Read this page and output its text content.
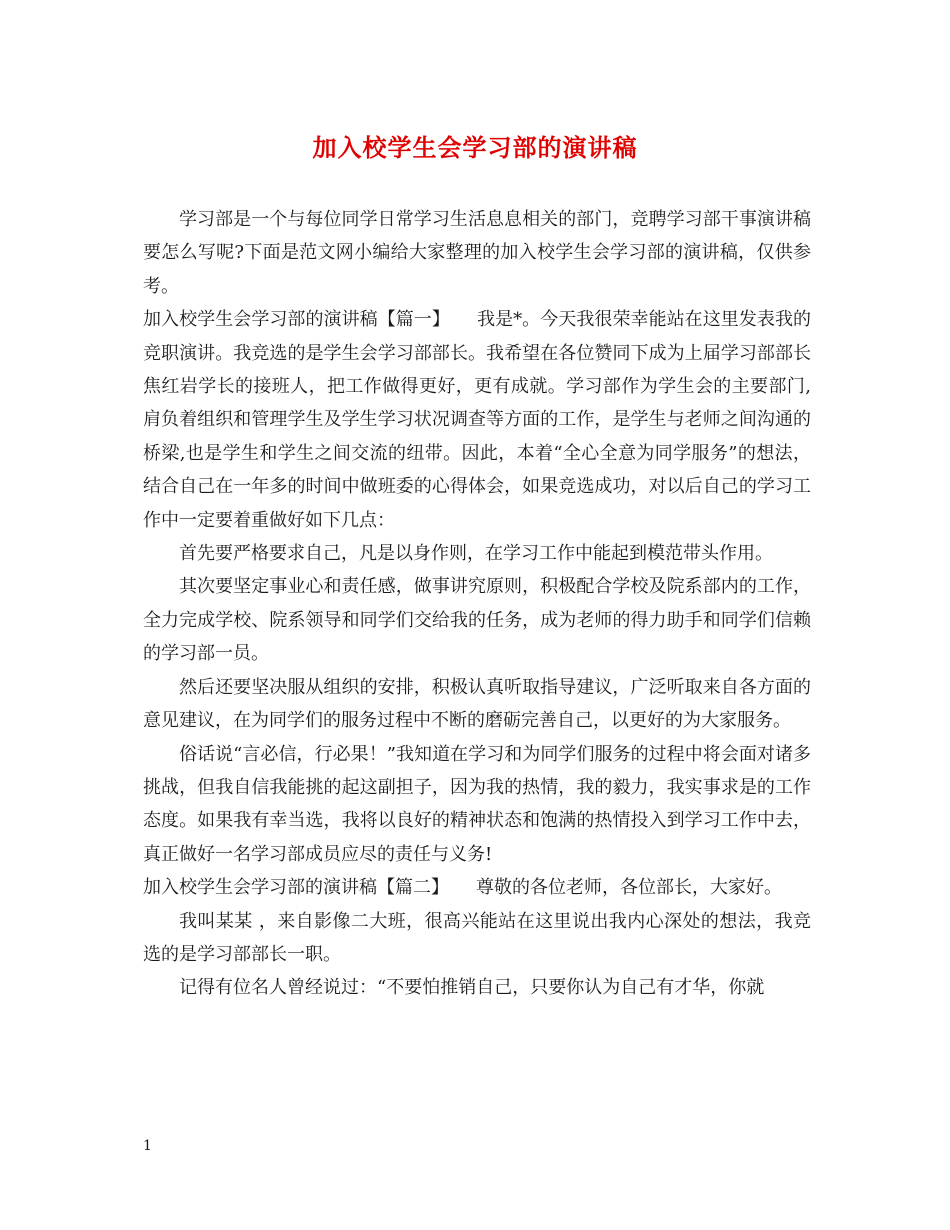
加入校学生会学习部的演讲稿

学习部是一个与每位同学日常学习生活息息相关的部门，竞聘学习部干事演讲稿要怎么写呢?下面是范文网小编给大家整理的加入校学生会学习部的演讲稿，仅供参考。

加入校学生会学习部的演讲稿【篇一】　　我是*。今天我很荣幸能站在这里发表我的竞职演讲。我竞选的是学生会学习部部长。我希望在各位赞同下成为上届学习部部长焦红岩学长的接班人，把工作做得更好，更有成就。学习部作为学生会的主要部门,肩负着组织和管理学生及学生学习状况调查等方面的工作，是学生与老师之间沟通的桥梁,也是学生和学生之间交流的纽带。因此，本着“全心全意为同学服务”的想法，结合自己在一年多的时间中做班委的心得体会，如果竞选成功，对以后自己的学习工作中一定要着重做好如下几点：

首先要严格要求自己，凡是以身作则，在学习工作中能起到模范带头作用。

其次要坚定事业心和责任感，做事讲究原则，积极配合学校及院系部内的工作，全力完成学校、院系领导和同学们交给我的任务，成为老师的得力助手和同学们信赖的学习部一员。

然后还要坚决服从组织的安排，积极认真听取指导建议，广泛听取来自各方面的意见建议，在为同学们的服务过程中不断的磨砺完善自己，以更好的为大家服务。

俗话说“言必信，行必果！”我知道在学习和为同学们服务的过程中将会面对诸多挑战，但我自信我能挑的起这副担子，因为我的热情，我的毅力，我实事求是的工作态度。如果我有幸当选，我将以良好的精神状态和饱满的热情投入到学习工作中去，真正做好一名学习部成员应尽的责任与义务!

加入校学生会学习部的演讲稿【篇二】　　尊敬的各位老师，各位部长，大家好。

我叫某某 ，来自影像二大班，很高兴能站在这里说出我内心深处的想法，我竞选的是学习部部长一职。

记得有位名人曾经说过：“不要怕推销自己，只要你认为自己有才华，你就

1
